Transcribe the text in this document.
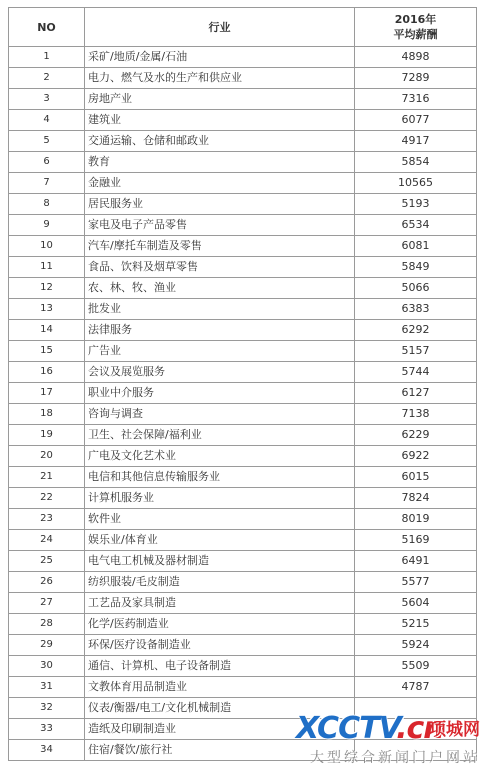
NO	行业	2016年
平均薪酬

1	采矿/地质/金属/石油	4898
2	电力、燃气及水的生产和供应业	7289
3	房地产业	7316
4	建筑业	6077
5	交通运输、仓储和邮政业	4917
6	教育	5854
7	金融业	10565
8	居民服务业	5193
9	家电及电子产品零售	6534
10	汽车/摩托车制造及零售	6081
11	食品、饮料及烟草零售	5849
12	农、林、牧、渔业	5066
13	批发业	6383
14	法律服务	6292
15	广告业	5157
16	会议及展览服务	5744
17	职业中介服务	6127
18	咨询与调查	7138
19	卫生、社会保障/福利业	6229
20	广电及文化艺术业	6922
21	电信和其他信息传输服务业	6015
22	计算机服务业	7824
23	软件业	8019
24	娱乐业/体育业	5169
25	电气电工机械及器材制造	6491
26	纺织服装/毛皮制造	5577
27	工艺品及家具制造	5604
28	化学/医药制造业	5215
29	环保/医疗设备制造业	5924
30	通信、计算机、电子设备制造	5509
31	文教体育用品制造业	4787
32	仪表/衡器/电工/文化机械制造	
33	造纸及印刷制造业	
34	住宿/餐饮/旅行社	
XCCTV.cn
项城网
大型综合新闻门户网站
